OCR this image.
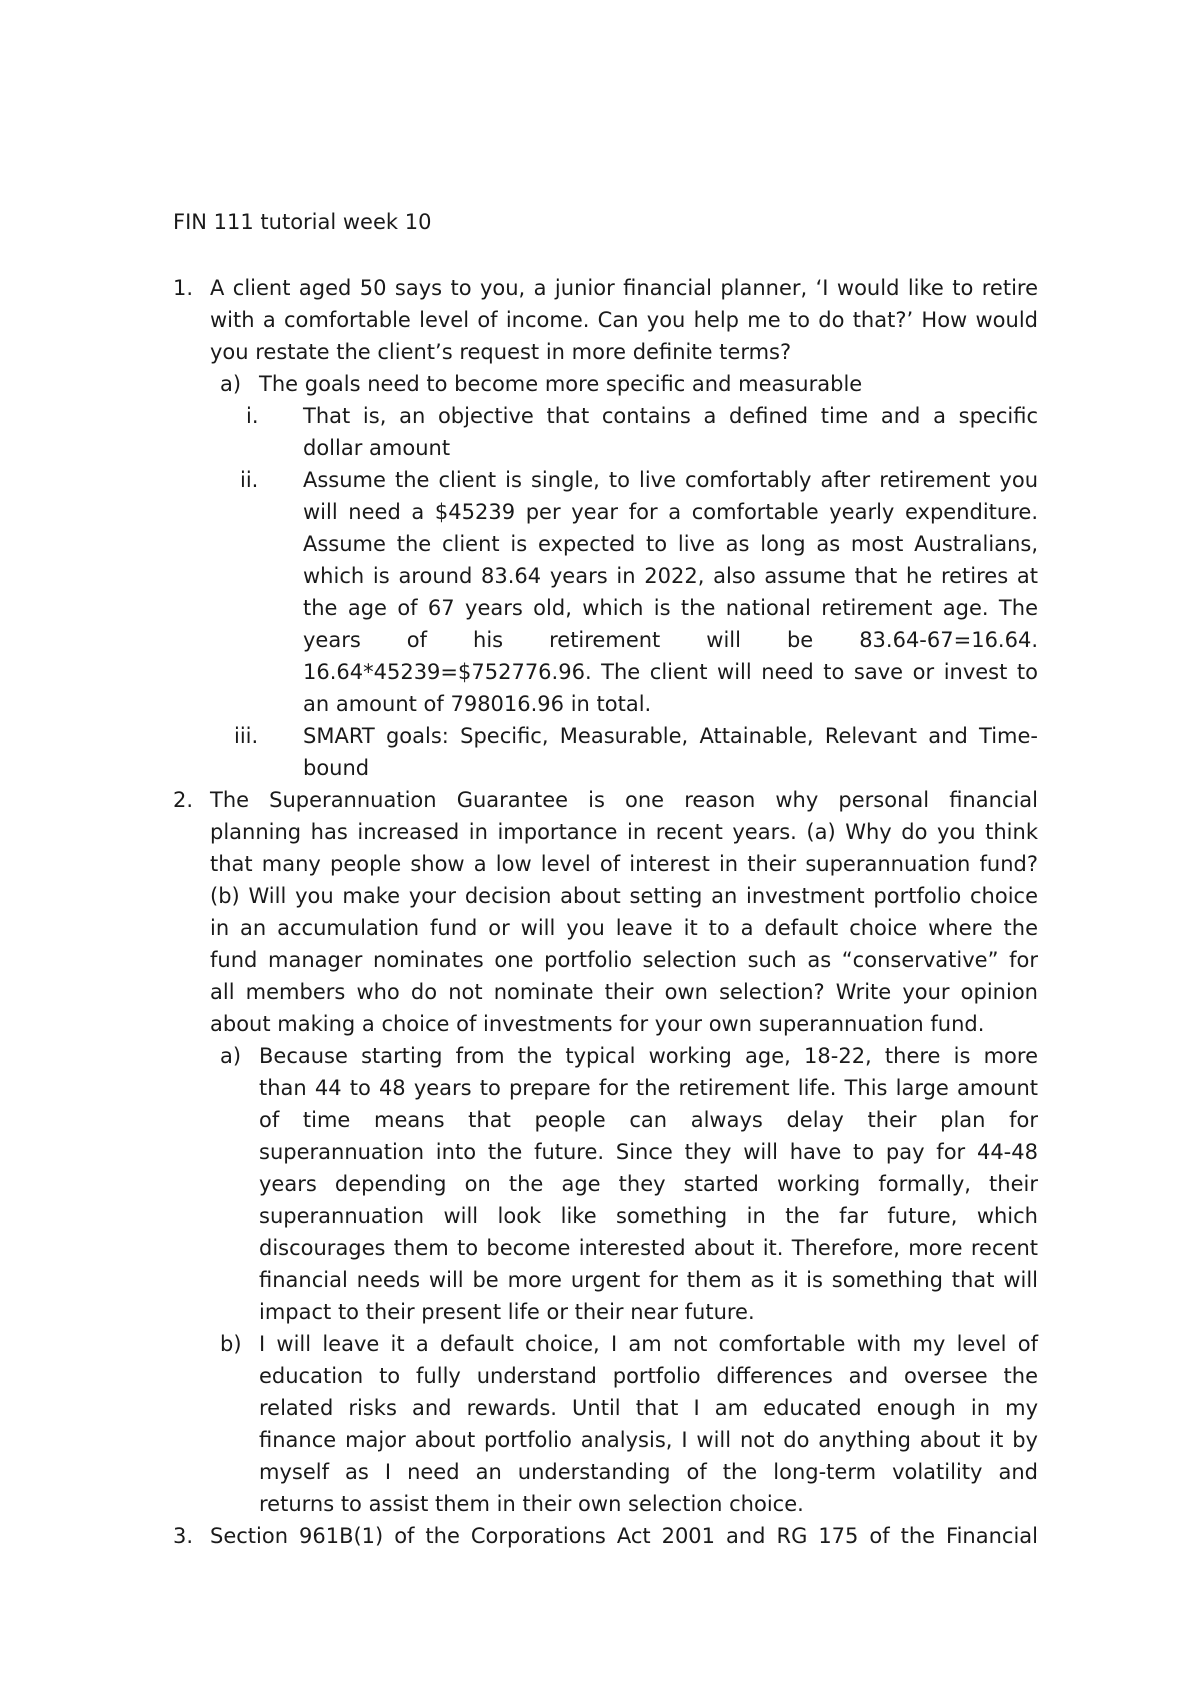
FIN 111 tutorial week 10
1. A client aged 50 says to you, a junior financial planner, ‘I would like to retire
with a comfortable level of income. Can you help me to do that?’ How would
you restate the client’s request in more definite terms?
a) The goals need to become more specific and measurable
i. That is, an objective that contains a defined time and a specific
dollar amount
ii. Assume the client is single, to live comfortably after retirement you
will need a $45239 per year for a comfortable yearly expenditure.
Assume the client is expected to live as long as most Australians,
which is around 83.64 years in 2022, also assume that he retires at
the age of 67 years old, which is the national retirement age. The
years of his retirement will be 83.64-67=16.64.
16.64*45239=$752776.96. The client will need to save or invest to
an amount of 798016.96 in total.
iii. SMART goals: Specific, Measurable, Attainable, Relevant and Time-
bound
2. The Superannuation Guarantee is one reason why personal financial
planning has increased in importance in recent years. (a) Why do you think
that many people show a low level of interest in their superannuation fund?
(b) Will you make your decision about setting an investment portfolio choice
in an accumulation fund or will you leave it to a default choice where the
fund manager nominates one portfolio selection such as “conservative” for
all members who do not nominate their own selection? Write your opinion
about making a choice of investments for your own superannuation fund.
a) Because starting from the typical working age, 18-22, there is more
than 44 to 48 years to prepare for the retirement life. This large amount
of time means that people can always delay their plan for
superannuation into the future. Since they will have to pay for 44-48
years depending on the age they started working formally, their
superannuation will look like something in the far future, which
discourages them to become interested about it. Therefore, more recent
financial needs will be more urgent for them as it is something that will
impact to their present life or their near future.
b) I will leave it a default choice, I am not comfortable with my level of
education to fully understand portfolio differences and oversee the
related risks and rewards. Until that I am educated enough in my
finance major about portfolio analysis, I will not do anything about it by
myself as I need an understanding of the long-term volatility and
returns to assist them in their own selection choice.
3. Section 961B(1) of the Corporations Act 2001 and RG 175 of the Financial
